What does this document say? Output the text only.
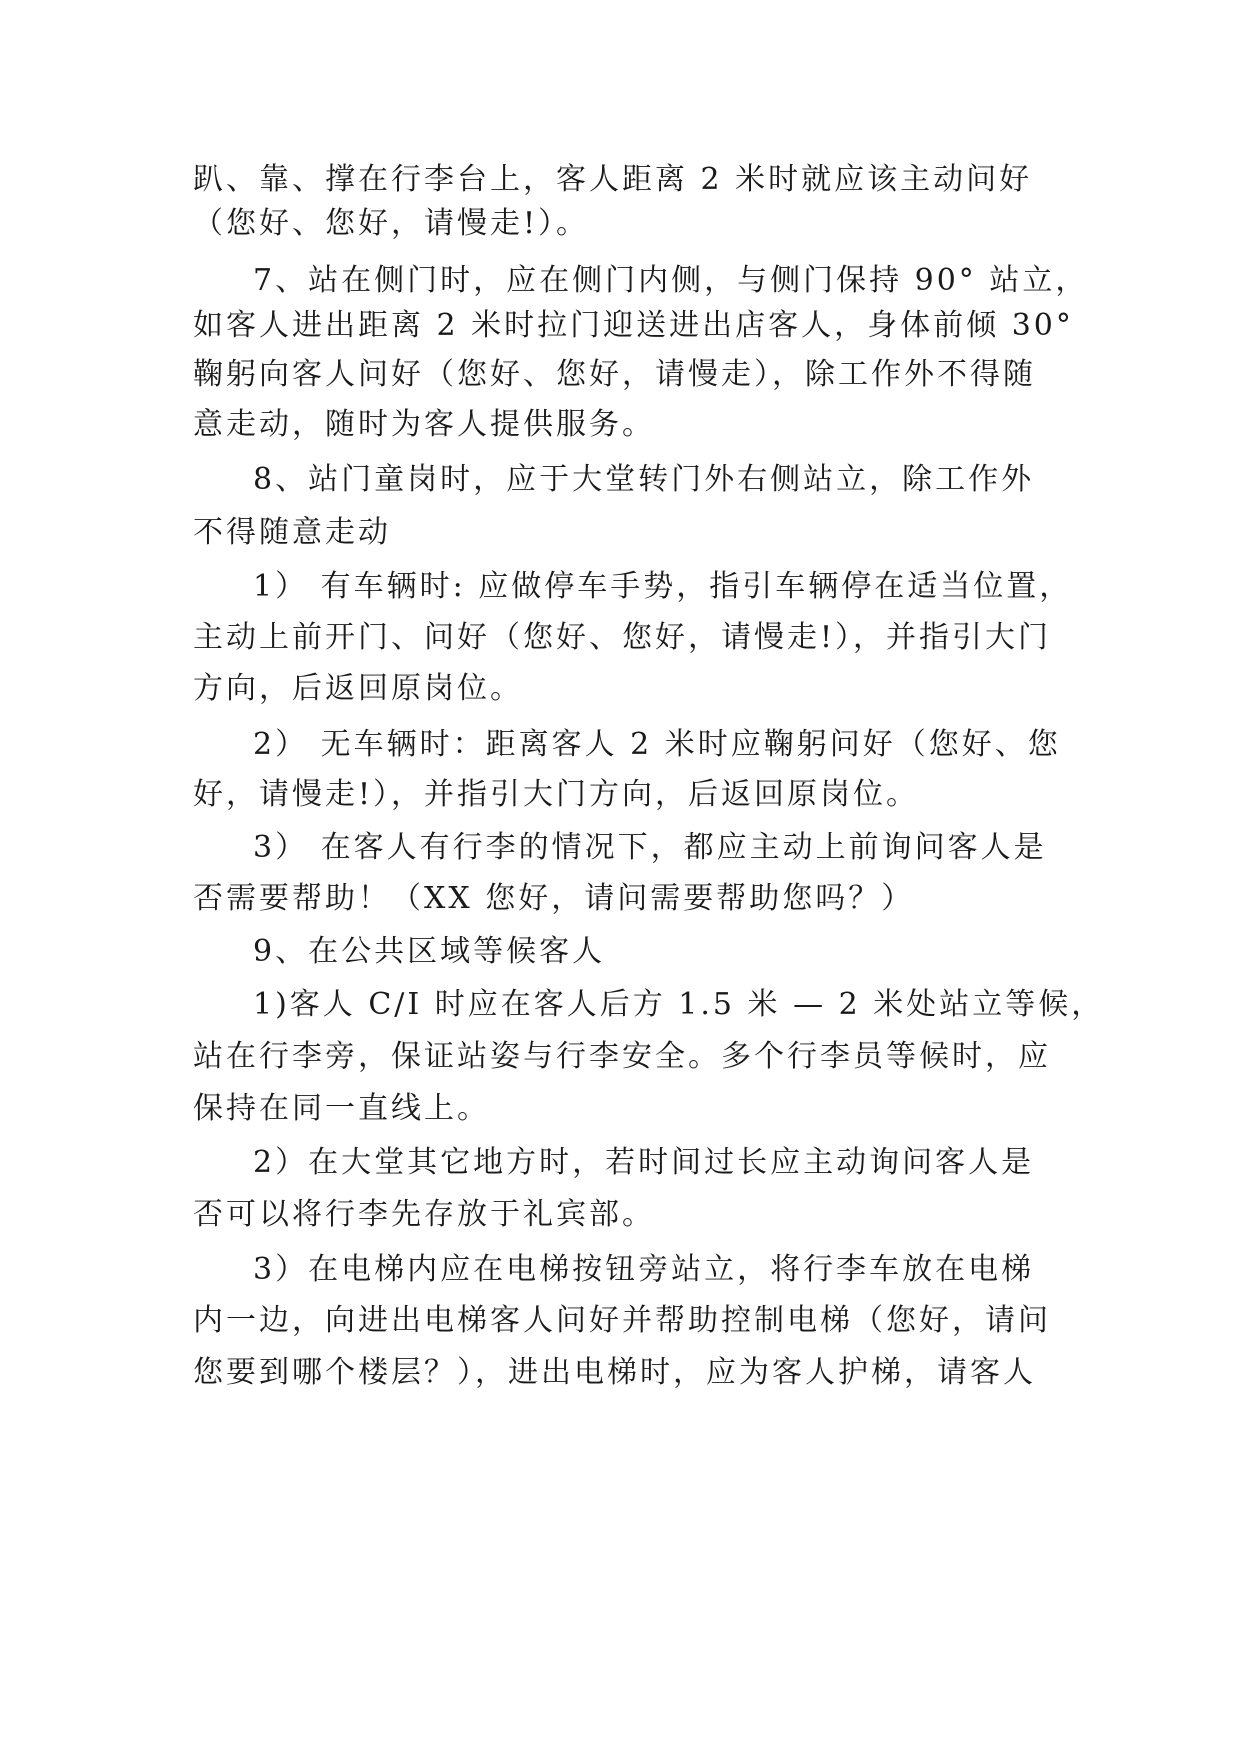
趴、靠、撑在行李台上，客人距离 2 米时就应该主动问好
（您好、您好，请慢走!）。
7、站在侧门时，应在侧门内侧，与侧门保持 90° 站立，
如客人进出距离 2 米时拉门迎送进出店客人，身体前倾 30°
鞠躬向客人问好（您好、您好，请慢走），除工作外不得随
意走动，随时为客人提供服务。
8、站门童岗时，应于大堂转门外右侧站立，除工作外
不得随意走动
1） 有车辆时: 应做停车手势，指引车辆停在适当位置，
主动上前开门、问好（您好、您好，请慢走!），并指引大门
方向，后返回原岗位。
2） 无车辆时：距离客人 2 米时应鞠躬问好（您好、您
好，请慢走!），并指引大门方向，后返回原岗位。
3） 在客人有行李的情况下，都应主动上前询问客人是
否需要帮助！（XX 您好，请问需要帮助您吗？）
9、在公共区域等候客人
1)客人 C/I 时应在客人后方 1.5 米 — 2 米处站立等候，
站在行李旁，保证站姿与行李安全。多个行李员等候时，应
保持在同一直线上。
2）在大堂其它地方时，若时间过长应主动询问客人是
否可以将行李先存放于礼宾部。
3）在电梯内应在电梯按钮旁站立，将行李车放在电梯
内一边，向进出电梯客人问好并帮助控制电梯（您好，请问
您要到哪个楼层？），进出电梯时，应为客人护梯，请客人
